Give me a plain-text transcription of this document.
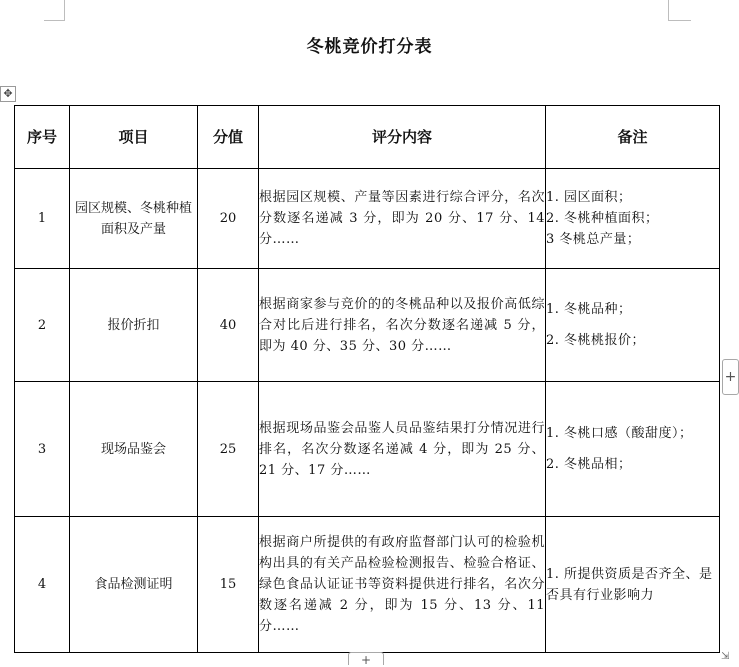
冬桃竞价打分表
✥
序号	项目	分值	评分内容	备注
1	园区规模、冬桃种植面积及产量	20	根据园区规模、产量等因素进行综合评分，名次分数逐名递减 3 分，即为 20 分、17 分、14 分……	1. 园区面积；

2. 冬桃种植面积；

3 冬桃总产量；

2	报价折扣	40	根据商家参与竞价的的冬桃品种以及报价高低综合对比后进行排名，名次分数逐名递减 5 分，即为 40 分、35 分、30 分……	1. 冬桃品种；

2. 冬桃桃报价；

3	现场品鉴会	25	根据现场品鉴会品鉴人员品鉴结果打分情况进行排名，名次分数逐名递减 4 分，即为 25 分、21 分、17 分……	1. 冬桃口感（酸甜度）；

2. 冬桃品相；

4	食品检测证明	15	根据商户所提供的有政府监督部门认可的检验机构出具的有关产品检验检测报告、检验合格证、绿色食品认证证书等资料提供进行排名，名次分数逐名递减 2 分，即为 15 分、13 分、11 分……	1. 所提供资质是否齐全、是否具有行业影响力

+
+	⇲
